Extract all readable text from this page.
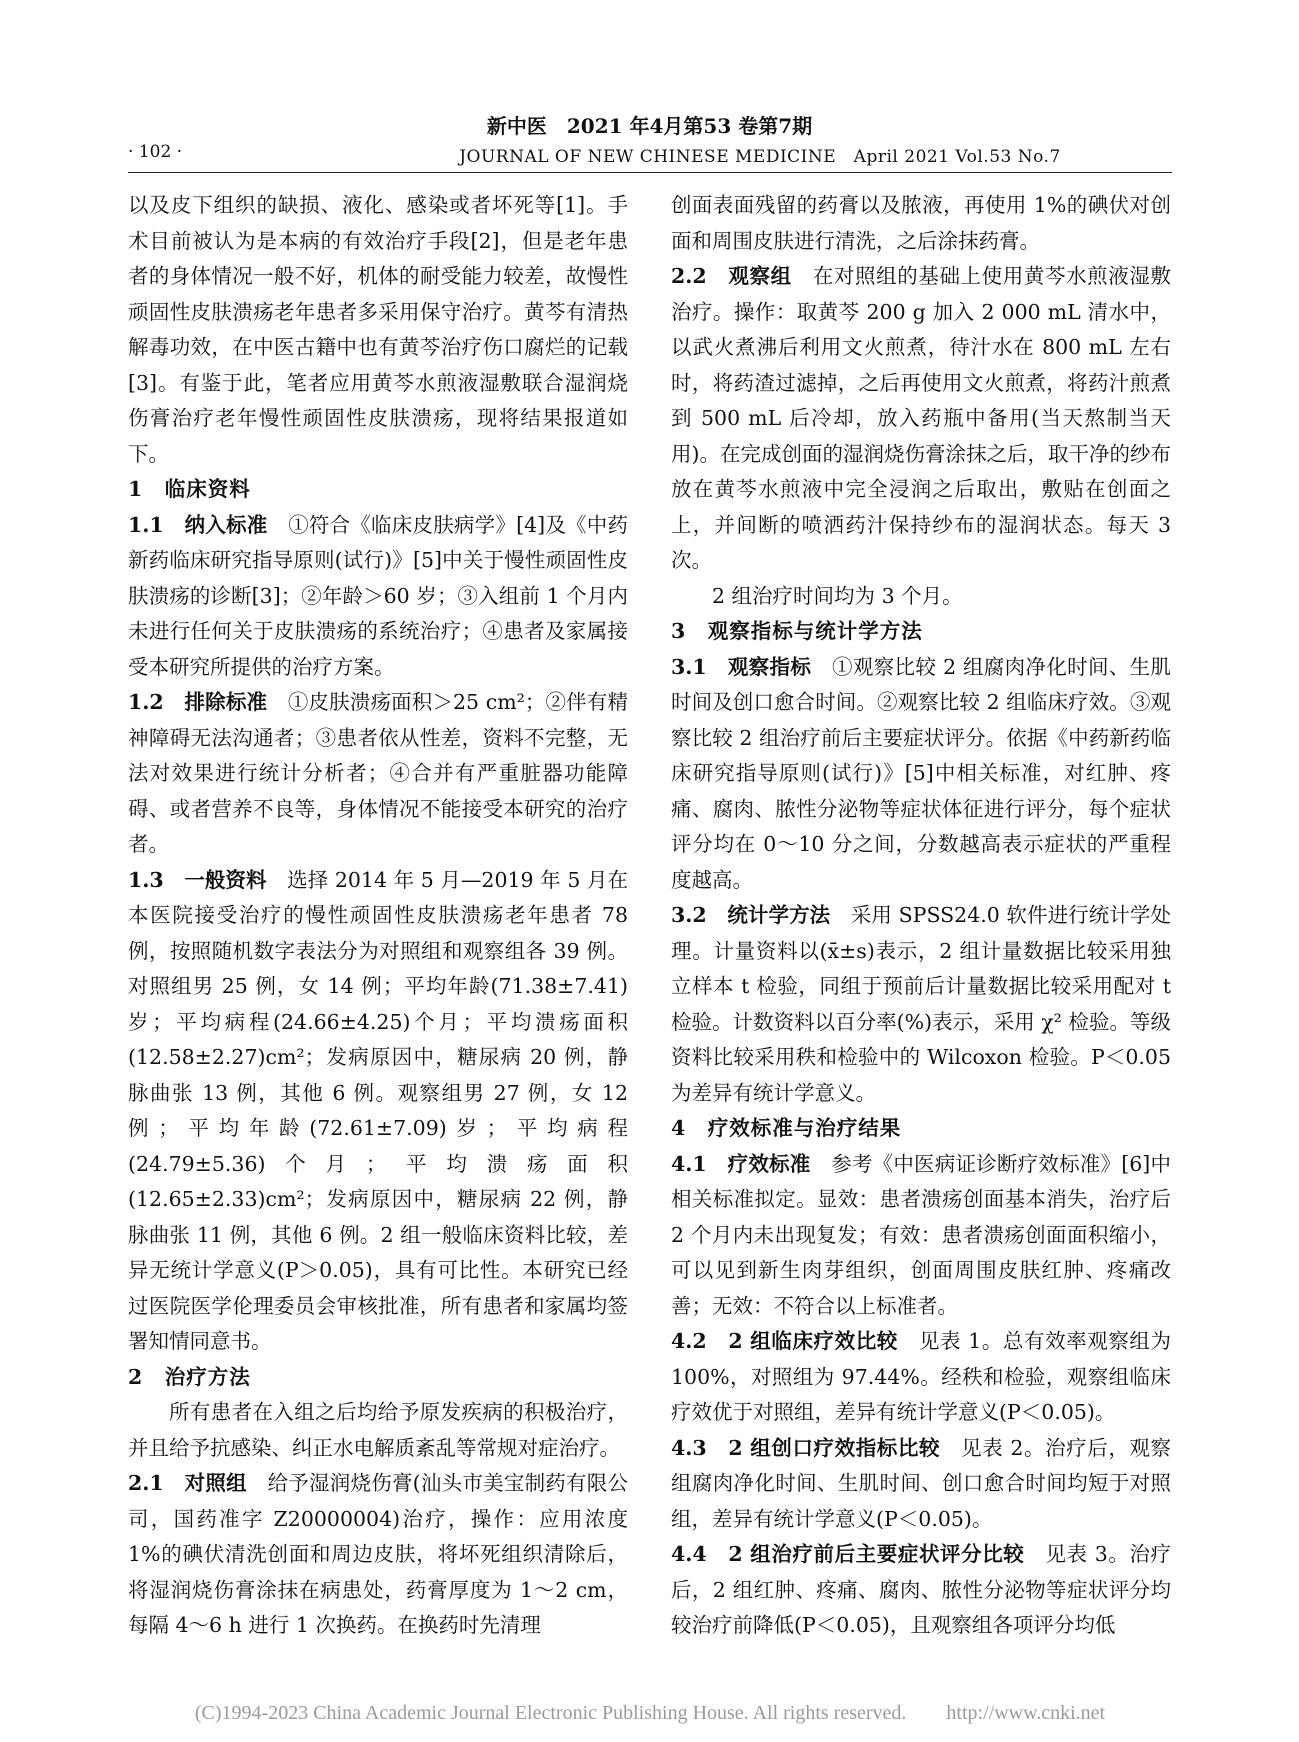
新中医　2021 年4月第53 卷第7期
· 102 ·	JOURNAL OF NEW CHINESE MEDICINE　April 2021 Vol.53 No.7

以及皮下组织的缺损、液化、感染或者坏死等[1]。手术目前被认为是本病的有效治疗手段[2]，但是老年患者的身体情况一般不好，机体的耐受能力较差，故慢性顽固性皮肤溃疡老年患者多采用保守治疗。黄芩有清热解毒功效，在中医古籍中也有黄芩治疗伤口腐烂的记载[3]。有鉴于此，笔者应用黄芩水煎液湿敷联合湿润烧伤膏治疗老年慢性顽固性皮肤溃疡，现将结果报道如下。

1　临床资料

1.1　纳入标准　 ①符合《临床皮肤病学》[4]及《中药新药临床研究指导原则(试行)》[5]中关于慢性顽固性皮肤溃疡的诊断[3]；②年龄＞60 岁；③入组前 1 个月内未进行任何关于皮肤溃疡的系统治疗；④患者及家属接受本研究所提供的治疗方案。

1.2　排除标准　 ①皮肤溃疡面积＞25 cm²；②伴有精神障碍无法沟通者；③患者依从性差，资料不完整，无法对效果进行统计分析者；④合并有严重脏器功能障碍、或者营养不良等，身体情况不能接受本研究的治疗者。

1.3　一般资料　 选择 2014 年 5 月—2019 年 5 月在本医院接受治疗的慢性顽固性皮肤溃疡老年患者 78 例，按照随机数字表法分为对照组和观察组各 39 例。对照组男 25 例，女 14 例；平均年龄(71.38±7.41)岁；平均病程(24.66±4.25)个月；平均溃疡面积(12.58±2.27)cm²；发病原因中，糖尿病 20 例，静脉曲张 13 例，其他 6 例。观察组男 27 例，女 12 例；平均年龄(72.61±7.09)岁；平均病程(24.79±5.36)个月；平均溃疡面积(12.65±2.33)cm²；发病原因中，糖尿病 22 例，静脉曲张 11 例，其他 6 例。2 组一般临床资料比较，差异无统计学意义(P＞0.05)，具有可比性。本研究已经过医院医学伦理委员会审核批准，所有患者和家属均签署知情同意书。

2　治疗方法

所有患者在入组之后均给予原发疾病的积极治疗，并且给予抗感染、纠正水电解质紊乱等常规对症治疗。

2.1　对照组　 给予湿润烧伤膏(汕头市美宝制药有限公司，国药准字 Z20000004)治疗，操作：应用浓度 1%的碘伏清洗创面和周边皮肤，将坏死组织清除后，将湿润烧伤膏涂抹在病患处，药膏厚度为 1～2 cm，每隔 4～6 h 进行 1 次换药。在换药时先清理

创面表面残留的药膏以及脓液，再使用 1%的碘伏对创面和周围皮肤进行清洗，之后涂抹药膏。

2.2　观察组　 在对照组的基础上使用黄芩水煎液湿敷治疗。操作：取黄芩 200 g 加入 2 000 mL 清水中，以武火煮沸后利用文火煎煮，待汁水在 800 mL 左右时，将药渣过滤掉，之后再使用文火煎煮，将药汁煎煮到 500 mL 后冷却，放入药瓶中备用(当天熬制当天用)。在完成创面的湿润烧伤膏涂抹之后，取干净的纱布放在黄芩水煎液中完全浸润之后取出，敷贴在创面之上，并间断的喷洒药汁保持纱布的湿润状态。每天 3 次。

2 组治疗时间均为 3 个月。

3　观察指标与统计学方法

3.1　观察指标　 ①观察比较 2 组腐肉净化时间、生肌时间及创口愈合时间。②观察比较 2 组临床疗效。③观察比较 2 组治疗前后主要症状评分。依据《中药新药临床研究指导原则(试行)》[5]中相关标准，对红肿、疼痛、腐肉、脓性分泌物等症状体征进行评分，每个症状评分均在 0～10 分之间，分数越高表示症状的严重程度越高。

3.2　统计学方法　 采用 SPSS24.0 软件进行统计学处理。计量资料以(x̄±s)表示，2 组计量数据比较采用独立样本 t 检验，同组于预前后计量数据比较采用配对 t 检验。计数资料以百分率(%)表示，采用 χ² 检验。等级资料比较采用秩和检验中的 Wilcoxon 检验。P＜0.05 为差异有统计学意义。

4　疗效标准与治疗结果

4.1　疗效标准　 参考《中医病证诊断疗效标准》[6]中相关标准拟定。显效：患者溃疡创面基本消失，治疗后 2 个月内未出现复发；有效：患者溃疡创面面积缩小，可以见到新生肉芽组织，创面周围皮肤红肿、疼痛改善；无效：不符合以上标准者。

4.2　2 组临床疗效比较　 见表 1。总有效率观察组为 100%，对照组为 97.44%。经秩和检验，观察组临床疗效优于对照组，差异有统计学意义(P＜0.05)。

4.3　2 组创口疗效指标比较　 见表 2。治疗后，观察组腐肉净化时间、生肌时间、创口愈合时间均短于对照组，差异有统计学意义(P＜0.05)。

4.4　2 组治疗前后主要症状评分比较　 见表 3。治疗后，2 组红肿、疼痛、腐肉、脓性分泌物等症状评分均较治疗前降低(P＜0.05)，且观察组各项评分均低

(C)1994-2023 China Academic Journal Electronic Publishing House. All rights reserved.　　http://www.cnki.net
